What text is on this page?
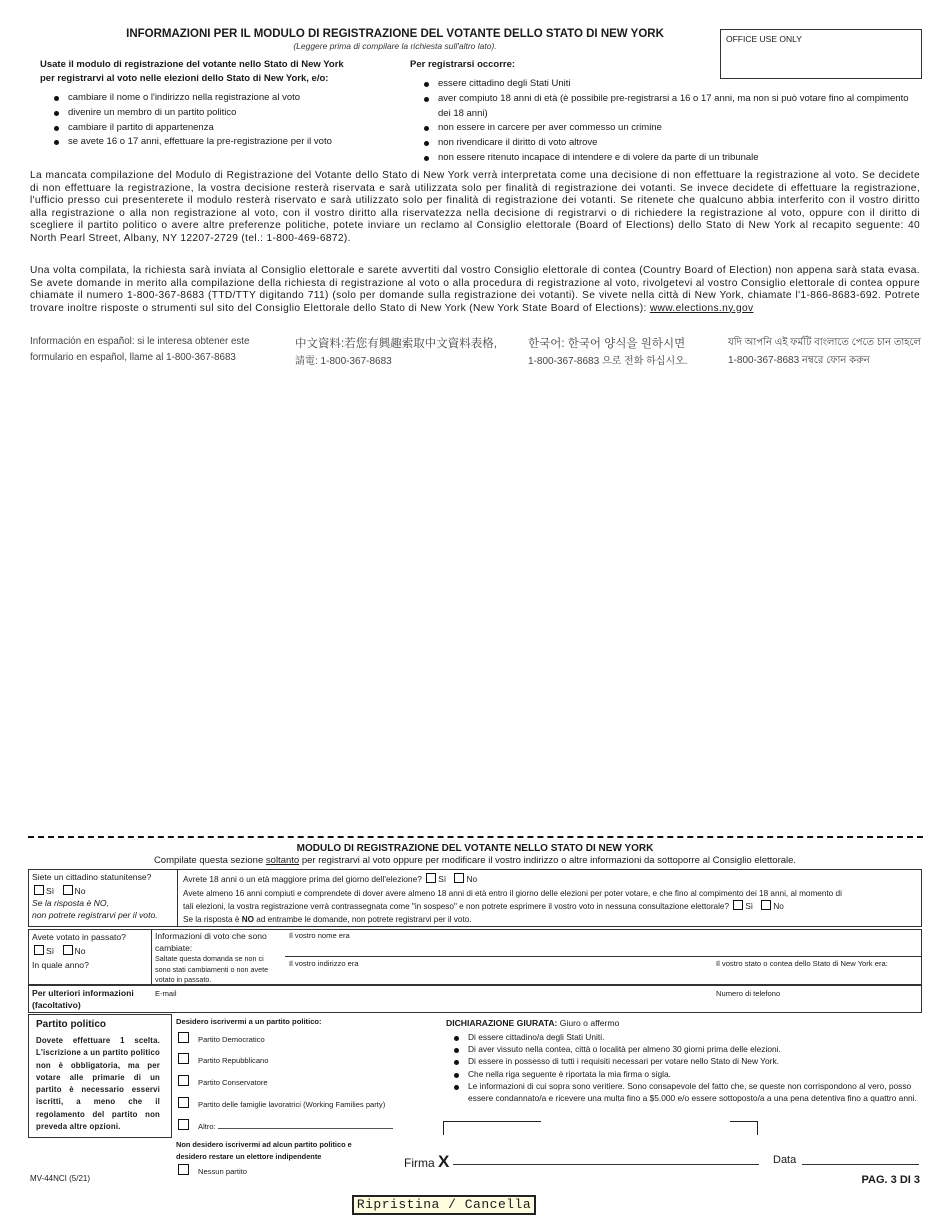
INFORMAZIONI PER IL MODULO DI REGISTRAZIONE DEL VOTANTE DELLO STATO DI NEW YORK
(Leggere prima di compilare la richiesta sull'altro lato).
OFFICE USE ONLY
Usate il modulo di registrazione del votante nello Stato di New York
per registrarvi al voto nelle elezioni dello Stato di New York, e/o:
cambiare il nome o l'indirizzo nella registrazione al voto
divenire un membro di un partito politico
cambiare il partito di appartenenza
se avete 16 o 17 anni, effettuare la pre-registrazione per il voto
Per registrarsi occorre:
essere cittadino degli Stati Uniti
aver compiuto 18 anni di età (è possibile pre-registrarsi a 16 o 17 anni, ma non si può votare fino al compimento dei 18 anni)
non essere in carcere per aver commesso un crimine
non rivendicare il diritto di voto altrove
non essere ritenuto incapace di intendere e di volere da parte di un tribunale
La mancata compilazione del Modulo di Registrazione del Votante dello Stato di New York verrà interpretata come una decisione di non effettuare la registrazione al voto. Se decidete di non effettuare la registrazione, la vostra decisione resterà riservata e sarà utilizzata solo per finalità di registrazione dei votanti. Se invece decidete di effettuare la registrazione, l'ufficio presso cui presenterete il modulo resterà riservato e sarà utilizzato solo per finalità di registrazione dei votanti. Se ritenete che qualcuno abbia interferito con il vostro diritto alla registrazione o alla non registrazione al voto, con il vostro diritto alla riservatezza nella decisione di registrarvi o di richiedere la registrazione al voto, oppure con il diritto di scegliere il partito politico o avere altre preferenze politiche, potete inviare un reclamo al Consiglio elettorale (Board of Elections) dello Stato di New York al recapito seguente: 40 North Pearl Street, Albany, NY 12207-2729 (tel.: 1-800-469-6872).
Una volta compilata, la richiesta sarà inviata al Consiglio elettorale e sarete avvertiti dal vostro Consiglio elettorale di contea (Country Board of Election) non appena sarà stata evasa. Se avete domande in merito alla compilazione della richiesta di registrazione al voto o alla procedura di registrazione al voto, rivolgetevi al vostro Consiglio elettorale di contea oppure chiamate il numero 1-800-367-8683 (TTD/TTY digitando 711) (solo per domande sulla registrazione dei votanti). Se vivete nella città di New York, chiamate l'1-866-8683-692. Potrete trovare inoltre risposte o strumenti sul sito del Consiglio Elettorale dello Stato di New York (New York State Board of Elections): www.elections.ny.gov
Información en español: si le interesa obtener este
formulario en español, llame al 1-800-367-8683
中文資料:若您有興趣索取中文資料表格,
請電: 1-800-367-8683
한국어: 한국어 양식을 원하시면
1-800-367-8683 으로 전화 하십시오.
যদি আপনি এই ফর্মটি বাংলাতে পেতে চান তাহলে
1-800-367-8683 নম্বরে ফোন করুন
MODULO DI REGISTRAZIONE DEL VOTANTE NELLO STATO DI NEW YORK
Compilate questa sezione soltanto per registrarvi al voto oppure per modificare il vostro indirizzo o altre informazioni da sottoporre al Consiglio elettorale.
Siete un cittadino statunitense?
Sì No
Se la risposta è NO,
non potrete registrarvi per il voto.
Avrete 18 anni o un età maggiore prima del giorno dell'elezione? Sì No
Avete almeno 16 anni compiuti e comprendete di dover avere almeno 18 anni di età entro il giorno delle elezioni per poter votare, e che fino al compimento dei 18 anni, al momento di
tali elezioni, la vostra registrazione verrà contrassegnata come "in sospeso" e non potrete esprimere il vostro voto in nessuna consultazione elettorale? Sì No
Se la risposta è NO ad entrambe le domande, non potrete registrarvi per il voto.
Avete votato in passato?
Sì No
In quale anno?
Informazioni di voto che sono
cambiate:
Saltate questa domanda se non ci
sono stati cambiamenti o non avete
votato in passato.
Il vostro nome era
Il vostro indirizzo era	Il vostro stato o contea dello Stato di New York era:
Per ulteriori informazioni
(facoltativo)
E-mail	Numero di telefono
Partito politico
Dovete effettuare 1 scelta. L'iscrizione a un partito politico non è obbligatoria, ma per votare alle primarie di un partito è necessario esservi iscritti, a meno che il regolamento del partito non preveda altre opzioni.
Desidero iscrivermi a un partito politico:
Partito Democratico
Partito Repubblicano
Partito Conservatore
Partito delle famiglie lavoratrici (Working Families party)
Altro:
Non desidero iscrivermi ad alcun partito politico e
desidero restare un elettore indipendente
Nessun partito
DICHIARAZIONE GIURATA: Giuro o affermo
Di essere cittadino/a degli Stati Uniti.
Di aver vissuto nella contea, città o località per almeno 30 giorni prima delle elezioni.
Di essere in possesso di tutti i requisiti necessari per votare nello Stato di New York.
Che nella riga seguente è riportata la mia firma o sigla.
Le informazioni di cui sopra sono veritiere. Sono consapevole del fatto che, se queste non corrispondono al vero, posso essere condannato/a e ricevere una multa fino a $5.000 e/o essere sottoposto/a a una pena detentiva fino a quattro anni.
Firma X	Data
MV-44NCI (5/21)	PAG. 3 DI 3
Ripristina / Cancella
